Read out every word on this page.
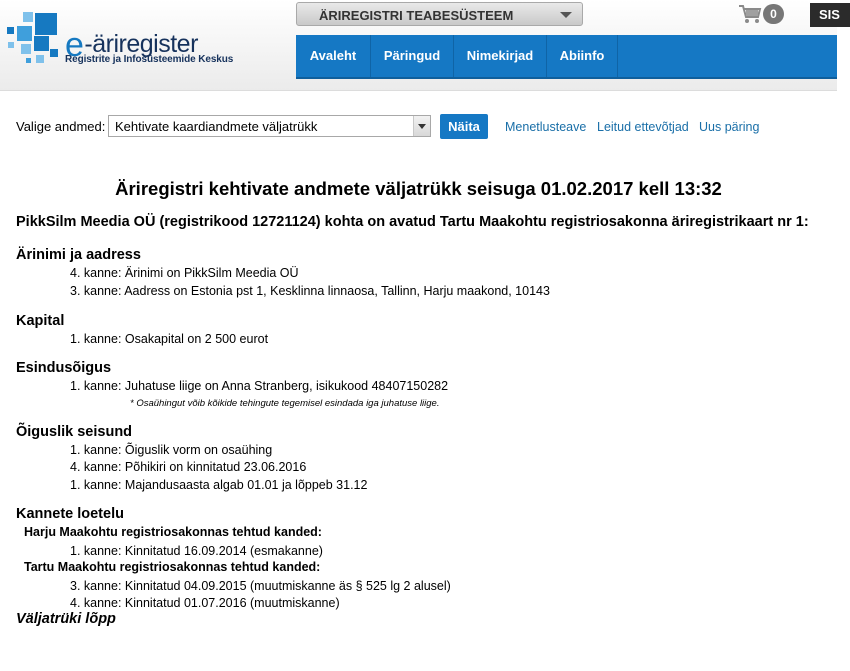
e-äriregister
Registrite ja Infosüsteemide Keskus
ÄRIREGISTRI TEABESÜSTEEM	0	SIS
Avaleht	Päringud	Nimekirjad	Abiinfo
Valige andmed: Kehtivate kaardiandmete väljatrükk	Näita	Menetlusteave Leitud ettevõtjad Uus päring
Äriregistri kehtivate andmete väljatrükk seisuga 01.02.2017 kell 13:32
PikkSilm Meedia OÜ (registrikood 12721124) kohta on avatud Tartu Maakohtu registriosakonna äriregistrikaart nr 1:
Ärinimi ja aadress
4. kanne: Ärinimi on PikkSilm Meedia OÜ
3. kanne: Aadress on Estonia pst 1, Kesklinna linnaosa, Tallinn, Harju maakond, 10143
Kapital
1. kanne: Osakapital on 2 500 eurot
Esindusõigus
1. kanne: Juhatuse liige on Anna Stranberg, isikukood 48407150282
* Osaühingut võib kõikide tehingute tegemisel esindada iga juhatuse liige.
Õiguslik seisund
1. kanne: Õiguslik vorm on osaühing
4. kanne: Põhikiri on kinnitatud 23.06.2016
1. kanne: Majandusaasta algab 01.01 ja lõppeb 31.12
Kannete loetelu
Harju Maakohtu registriosakonnas tehtud kanded:
1. kanne: Kinnitatud 16.09.2014 (esmakanne)
Tartu Maakohtu registriosakonnas tehtud kanded:
3. kanne: Kinnitatud 04.09.2015 (muutmiskanne äs § 525 lg 2 alusel)
4. kanne: Kinnitatud 01.07.2016 (muutmiskanne)
Väljatrüki lõpp
